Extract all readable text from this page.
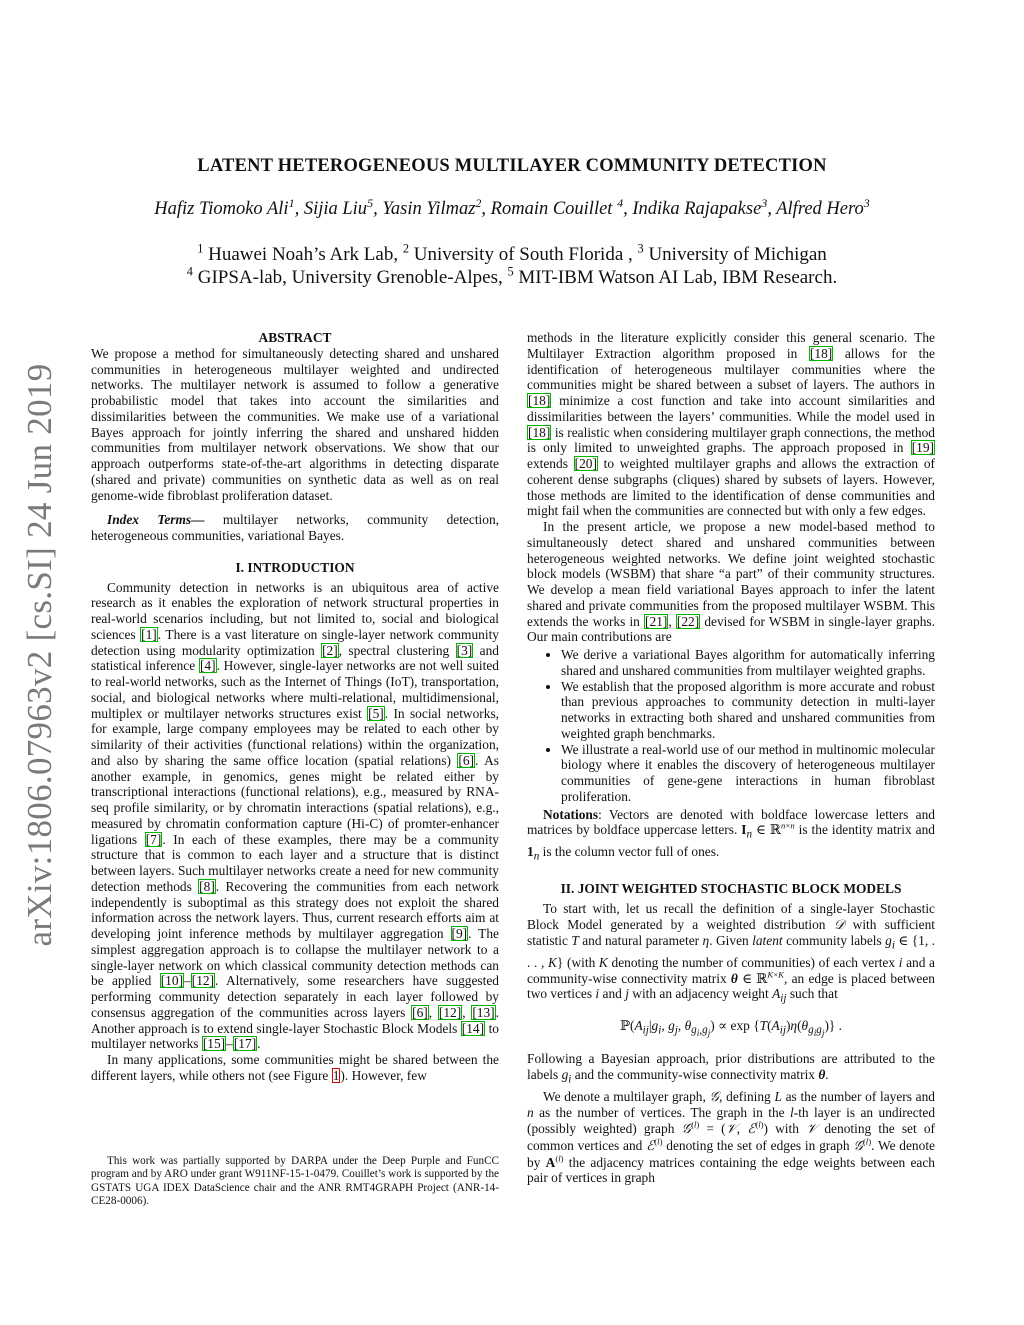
arXiv:1806.07963v2 [cs.SI] 24 Jun 2019
LATENT HETEROGENEOUS MULTILAYER COMMUNITY DETECTION
Hafiz Tiomoko Ali$^1$, Sijia Liu$^5$, Yasin Yilmaz$^2$, Romain Couillet $^4$, Indika Rajapakse$^3$, Alfred Hero$^3$
$^1$ Huawei Noah’s Ark Lab, $^2$ University of South Florida , $^3$ University of Michigan
$^4$ GIPSA-lab, University Grenoble-Alpes, $^5$ MIT-IBM Watson AI Lab, IBM Research.
ABSTRACT

We propose a method for simultaneously detecting shared and unshared communities in heterogeneous multilayer weighted and undirected networks. The multilayer network is assumed to follow a generative probabilistic model that takes into account the similarities and dissimilarities between the communities. We make use of a variational Bayes approach for jointly inferring the shared and unshared hidden communities from multilayer network observations. We show that our approach outperforms state-of-the-art algorithms in detecting disparate (shared and private) communities on synthetic data as well as on real genome-wide fibroblast proliferation dataset.

Index Terms— multilayer networks, community detection, heterogeneous communities, variational Bayes.

I. INTRODUCTION

Community detection in networks is an ubiquitous area of active research as it enables the exploration of network structural properties in real-world scenarios including, but not limited to, social and biological sciences [1]. There is a vast literature on single-layer network community detection using modularity optimization [2], spectral clustering [3] and statistical inference [4]. However, single-layer networks are not well suited to real-world networks, such as the Internet of Things (IoT), transportation, social, and biological networks where multi-relational, multidimensional, multiplex or multilayer networks structures exist [5]. In social networks, for example, large company employees may be related to each other by similarity of their activities (functional relations) within the organization, and also by sharing the same office location (spatial relations) [6]. As another example, in genomics, genes might be related either by transcriptional interactions (functional relations), e.g., measured by RNA-seq profile similarity, or by chromatin interactions (spatial relations), e.g., measured by chromatin conformation capture (Hi-C) of promter-enhancer ligations [7]. In each of these examples, there may be a community structure that is common to each layer and a structure that is distinct between layers. Such multilayer networks create a need for new community detection methods [8]. Recovering the communities from each network independently is suboptimal as this strategy does not exploit the shared information across the network layers. Thus, current research efforts aim at developing joint inference methods by multilayer aggregation [9]. The simplest aggregation approach is to collapse the multilayer network to a single-layer network on which classical community detection methods can be applied [10]–[12]. Alternatively, some researchers have suggested performing community detection separately in each layer followed by consensus aggregation of the communities across layers [6], [12], [13]. Another approach is to extend single-layer Stochastic Block Models [14] to multilayer networks [15]–[17].

In many applications, some communities might be shared between the different layers, while others not (see Figure 1). However, few

This work was partially supported by DARPA under the Deep Purple and FunCC program and by ARO under grant W911NF-15-1-0479. Couillet’s work is supported by the GSTATS UGA IDEX DataScience chair and the ANR RMT4GRAPH Project (ANR-14-CE28-0006).

methods in the literature explicitly consider this general scenario. The Multilayer Extraction algorithm proposed in [18] allows for the identification of heterogeneous multilayer communities where the communities might be shared between a subset of layers. The authors in [18] minimize a cost function and take into account similarities and dissimilarities between the layers’ communities. While the model used in [18] is realistic when considering multilayer graph connections, the method is only limited to unweighted graphs. The approach proposed in [19] extends [20] to weighted multilayer graphs and allows the extraction of coherent dense subgraphs (cliques) shared by subsets of layers. However, those methods are limited to the identification of dense communities and might fail when the communities are connected but with only a few edges.

In the present article, we propose a new model-based method to simultaneously detect shared and unshared communities between heterogeneous weighted networks. We define joint weighted stochastic block models (WSBM) that share “a part” of their community structures. We develop a mean field variational Bayes approach to infer the latent shared and private communities from the proposed multilayer WSBM. This extends the works in [21], [22] devised for WSBM in single-layer graphs. Our main contributions are

• We derive a variational Bayes algorithm for automatically inferring shared and unshared communities from multilayer weighted graphs.
• We establish that the proposed algorithm is more accurate and robust than previous approaches to community detection in multi-layer networks in extracting both shared and unshared communities from weighted graph benchmarks.
• We illustrate a real-world use of our method in multinomic molecular biology where it enables the discovery of heterogeneous multilayer communities of gene-gene interactions in human fibroblast proliferation.

Notations: Vectors are denoted with boldface lowercase letters and matrices by boldface uppercase letters. $I_n$ ∈ ℝ$^{n\times n}$ is the identity matrix and $1_n$ is the column vector full of ones.

II. JOINT WEIGHTED STOCHASTIC BLOCK MODELS

To start with, let us recall the definition of a single-layer Stochastic Block Model generated by a weighted distribution 𝒟 with sufficient statistic T and natural parameter η. Given latent community labels $g_i$ ∈ {1, . . . , K} (with K denoting the number of communities) of each vertex i and a community-wise connectivity matrix θ ∈ ℝ$^{K\times K}$, an edge is placed between two vertices i and j with an adjacency weight $A_{ij}$ such that

$ℙ(A_{ij}|g_i$, $g_j$, $\theta_{g_i,g_j}) \propto \exp \{T(A_{ij})\eta(\theta_{g_ig_j})\}$ .

Following a Bayesian approach, prior distributions are attributed to the labels $g_i$ and the community-wise connectivity matrix θ.

We denote a multilayer graph, 𝒢, defining L as the number of layers and n as the number of vertices. The graph in the l-th layer is an undirected (possibly weighted) graph 𝒢$^{(l)}$ = (𝒱, ℰ$^{(l)}$) with 𝒱 denoting the set of common vertices and ℰ$^{(l)}$ denoting the set of edges in graph 𝒢$^{(l)}$. We denote by $A^{(l)}$ the adjacency matrices containing the edge weights between each pair of vertices in graph
